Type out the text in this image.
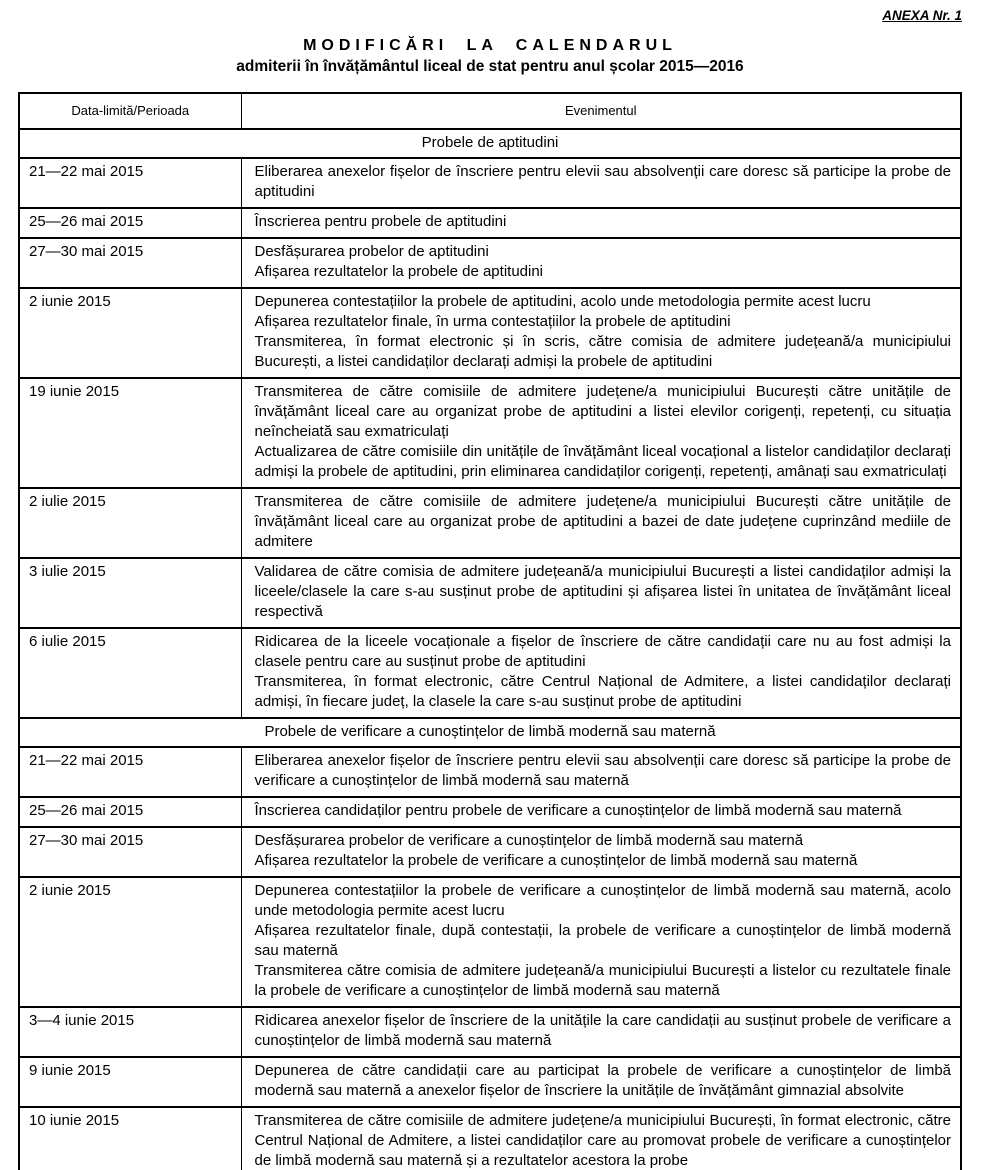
ANEXA Nr. 1
MODIFICĂRI LA CALENDARUL
admiterii în învățământul liceal de stat pentru anul școlar 2015—2016
Data-limită/Perioada	Evenimentul
Probele de aptitudini	
21—22 mai 2015	Eliberarea anexelor fișelor de înscriere pentru elevii sau absolvenții care doresc să participe la probe de aptitudini

25—26 mai 2015	Înscrierea pentru probele de aptitudini

27—30 mai 2015	Desfășurarea probelor de aptitudini
Afișarea rezultatelor la probele de aptitudini

2 iunie 2015	Depunerea contestațiilor la probele de aptitudini, acolo unde metodologia permite acest lucru
Afișarea rezultatelor finale, în urma contestațiilor la probele de aptitudini
Transmiterea, în format electronic și în scris, către comisia de admitere județeană/a municipiului București, a listei candidaților declarați admiși la probele de aptitudini

19 iunie 2015	Transmiterea de către comisiile de admitere județene/a municipiului București către unitățile de învățământ liceal care au organizat probe de aptitudini a listei elevilor corigenți, repetenți, cu situația neîncheiată sau exmatriculați
Actualizarea de către comisiile din unitățile de învățământ liceal vocațional a listelor candidaților declarați admiși la probele de aptitudini, prin eliminarea candidaților corigenți, repetenți, amânați sau exmatriculați

2 iulie 2015	Transmiterea de către comisiile de admitere județene/a municipiului București către unitățile de învățământ liceal care au organizat probe de aptitudini a bazei de date județene cuprinzând mediile de admitere

3 iulie 2015	Validarea de către comisia de admitere județeană/a municipiului București a listei candidaților admiși la liceele/clasele la care s-au susținut probe de aptitudini și afișarea listei în unitatea de învățământ liceal respectivă

6 iulie 2015	Ridicarea de la liceele vocaționale a fișelor de înscriere de către candidații care nu au fost admiși la clasele pentru care au susținut probe de aptitudini
Transmiterea, în format electronic, către Centrul Național de Admitere, a listei candidaților declarați admiși, în fiecare județ, la clasele la care s-au susținut probe de aptitudini

Probele de verificare a cunoștințelor de limbă modernă sau maternă	
21—22 mai 2015	Eliberarea anexelor fișelor de înscriere pentru elevii sau absolvenții care doresc să participe la probe de verificare a cunoștințelor de limbă modernă sau maternă

25—26 mai 2015	Înscrierea candidaților pentru probele de verificare a cunoștințelor de limbă modernă sau maternă

27—30 mai 2015	Desfășurarea probelor de verificare a cunoștințelor de limbă modernă sau maternă
Afișarea rezultatelor la probele de verificare a cunoștințelor de limbă modernă sau maternă

2 iunie 2015	Depunerea contestațiilor la probele de verificare a cunoștințelor de limbă modernă sau maternă, acolo unde metodologia permite acest lucru
Afișarea rezultatelor finale, după contestații, la probele de verificare a cunoștințelor de limbă modernă sau maternă
Transmiterea către comisia de admitere județeană/a municipiului București a listelor cu rezultatele finale la probele de verificare a cunoștințelor de limbă modernă sau maternă

3—4 iunie 2015	Ridicarea anexelor fișelor de înscriere de la unitățile la care candidații au susținut probele de verificare a cunoștințelor de limbă modernă sau maternă

9 iunie 2015	Depunerea de către candidații care au participat la probele de verificare a cunoștințelor de limbă modernă sau maternă a anexelor fișelor de înscriere la unitățile de învățământ gimnazial absolvite

10 iunie 2015	Transmiterea de către comisiile de admitere județene/a municipiului București, în format electronic, către Centrul Național de Admitere, a listei candidaților care au promovat probele de verificare a cunoștințelor de limbă modernă sau maternă și a rezultatelor acestora la probe
